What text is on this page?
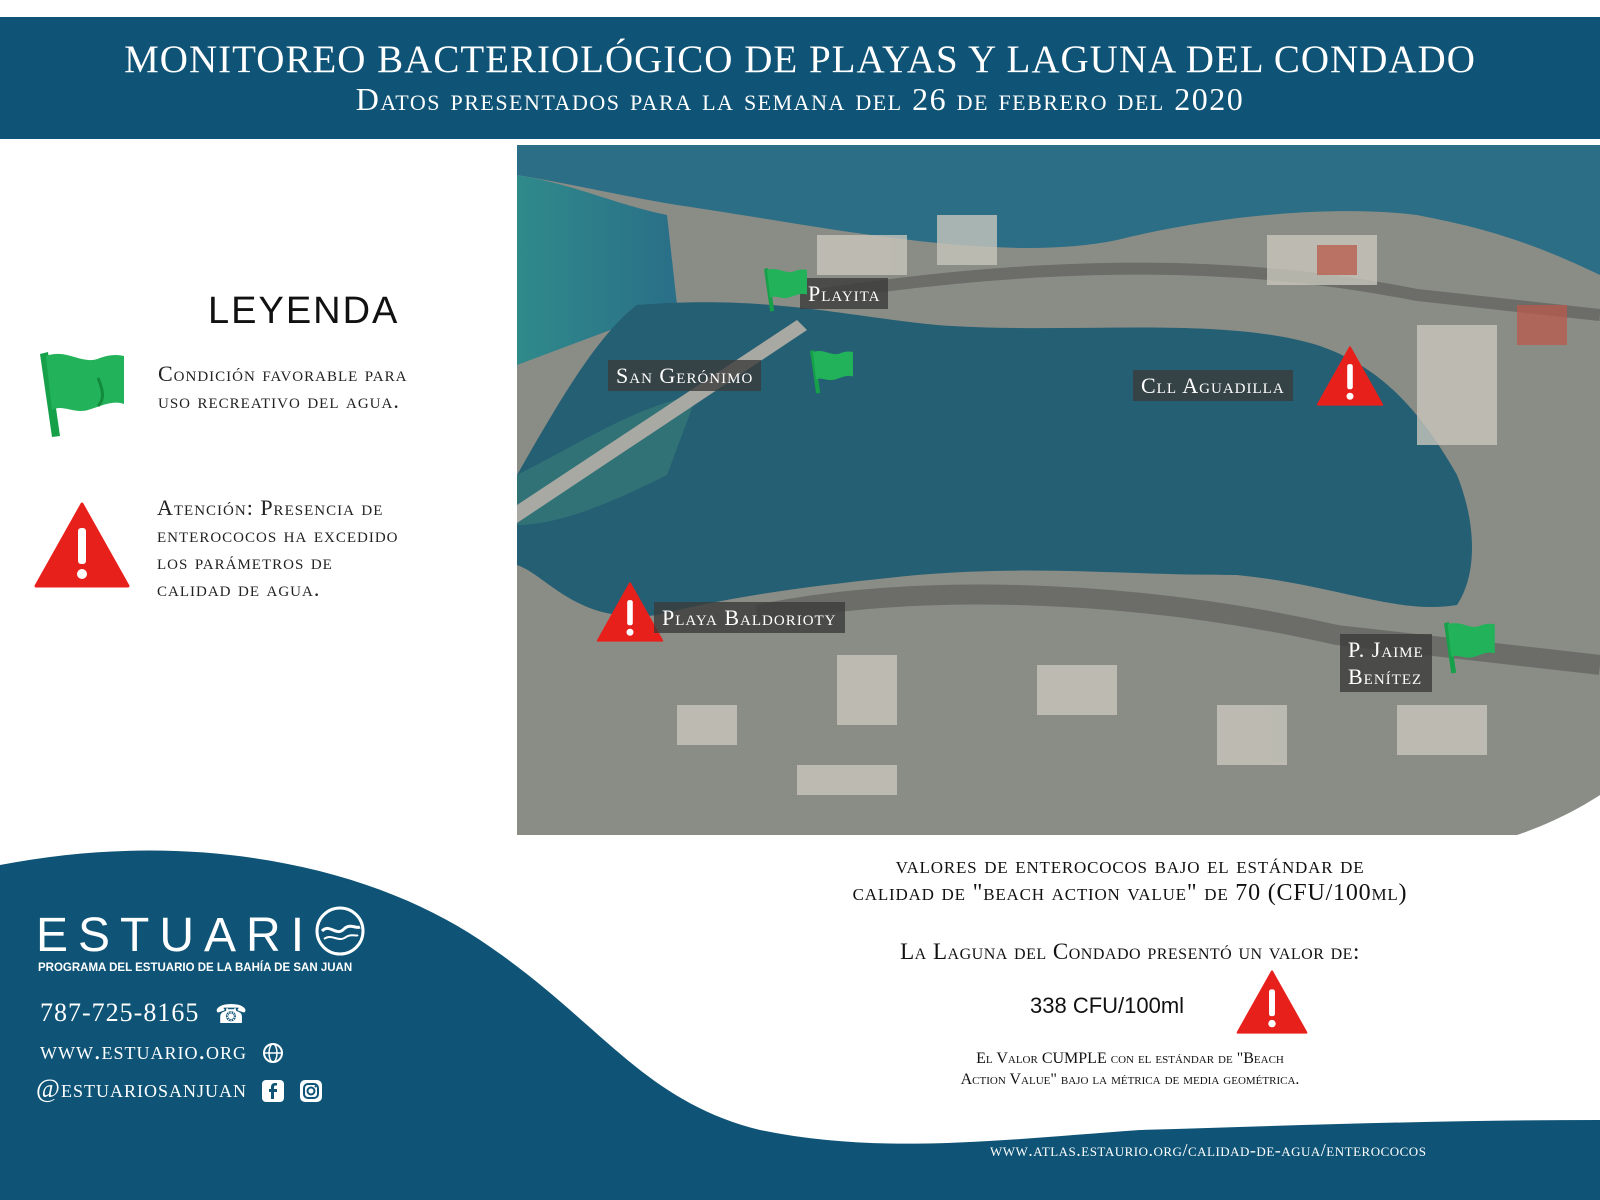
MONITOREO BACTERIOLÓGICO DE PLAYAS Y LAGUNA DEL CONDADO
Datos presentados para la semana del 26 de febrero del 2020
LEYENDA
Condición favorable para
uso recreativo del agua.
Atención: Presencia de
enterococos ha excedido
los parámetros de
calidad de agua.
Playita
San Gerónimo	Cll Aguadilla
Playa Baldorioty
P. Jaime
Benítez
ESTUARI
PROGRAMA DEL ESTUARIO DE LA BAHÍA DE SAN JUAN
787-725-8165 ☎
www.estuario.org
@estuariosanjuan
valores de enterococos bajo el estándar de
calidad de "beach action value" de 70 (CFU/100ml)
La Laguna del Condado presentó un valor de:
338 CFU/100ml
El Valor CUMPLE con el estándar de "Beach
Action Value" bajo la métrica de media geométrica.
www.atlas.estaurio.org/calidad-de-agua/enterococos
